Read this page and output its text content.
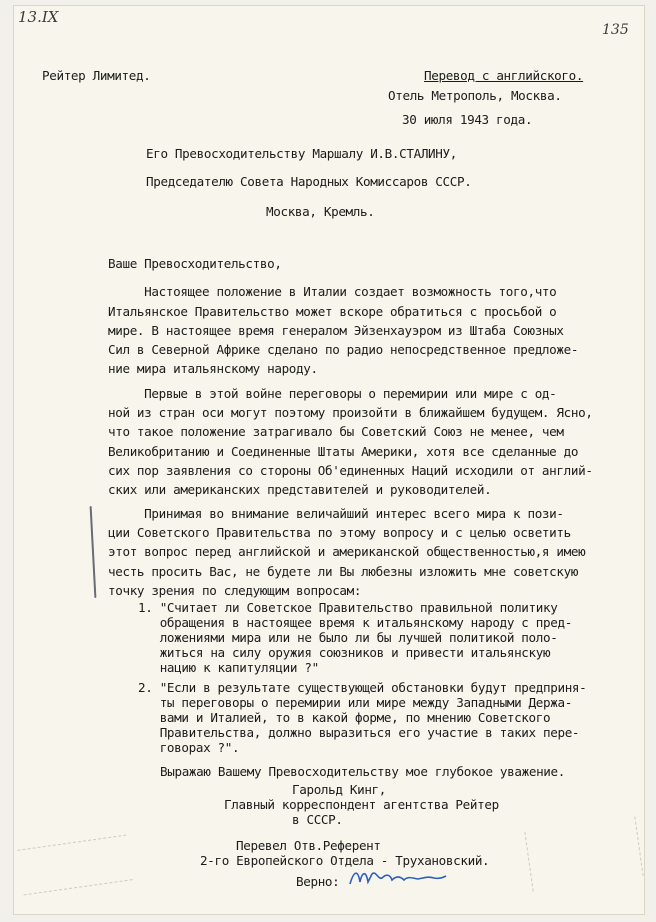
13.IX
135
Рейтер Лимитед.	Перевод с английского.
Отель Метрополь, Москва.
30 июля 1943 года.
Его Превосходительству Маршалу И.В.СТАЛИНУ,
Председателю Совета Народных Комиссаров СССР.
Москва, Кремль.
Ваше Превосходительство,
Настоящее положение в Италии создает возможность того,что
Итальянское Правительство может вскоре обратиться с просьбой о
мире. В настоящее время генералом Эйзенхауэром из Штаба Союзных
Сил в Северной Африке сделано по радио непосредственное предложе-
ние мира итальянскому народу.
Первые в этой войне переговоры о перемирии или мире с од-
ной из стран оси могут поэтому произойти в ближайшем будущем. Ясно,
что такое положение затрагивало бы Советский Союз не менее, чем
Великобританию и Соединенные Штаты Америки, хотя все сделанные до
сих пор заявления со стороны Об'единенных Наций исходили от англий-
ских или американских представителей и руководителей.
Принимая во внимание величайший интерес всего мира к пози-
ции Советского Правительства по этому вопросу и с целью осветить
этот вопрос перед английской и американской общественностью,я имею
честь просить Вас, не будете ли Вы любезны изложить мне советскую
точку зрения по следующим вопросам:
1. "Считает ли Советское Правительство правильной политику
обращения в настоящее время к итальянскому народу с пред-
ложениями мира или не было ли бы лучшей политикой поло-
житься на силу оружия союзников и привести итальянскую
нацию к капитуляции ?"
2. "Если в результате существующей обстановки будут предприня-
ты переговоры о перемирии или мире между Западными Держа-
вами и Италией, то в какой форме, по мнению Советского
Правительства, должно выразиться его участие в таких пере-
говорах ?".
Выражаю Вашему Превосходительству мое глубокое уважение.
Гарольд Кинг,
Главный корреспондент агентства Рейтер
в СССР.
Перевел Отв.Референт
2-го Европейского Отдела - Трухановский.
Верно:
